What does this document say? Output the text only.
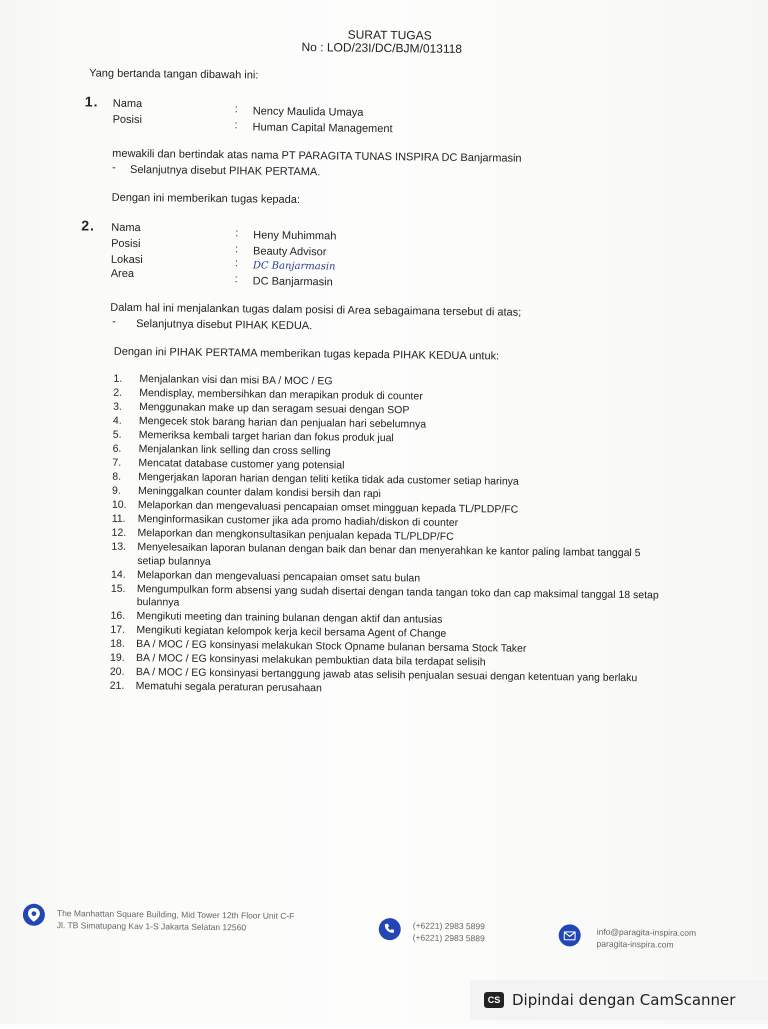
SURAT TUGAS
No : LOD/23I/DC/BJM/013118
Yang bertanda tangan dibawah ini:
1. Nama	: Nency Maulida Umaya
Posisi	: Human Capital Management
mewakili dan bertindak atas nama PT PARAGITA TUNAS INSPIRA DC Banjarmasin
- Selanjutnya disebut PIHAK PERTAMA.
Dengan ini memberikan tugas kepada:
2. Nama	: Heny Muhimmah
Posisi	: Beauty Advisor
Lokasi	: DC Banjarmasin
Area	: DC Banjarmasin
Dalam hal ini menjalankan tugas dalam posisi di Area sebagaimana tersebut di atas;
- Selanjutnya disebut PIHAK KEDUA.
Dengan ini PIHAK PERTAMA memberikan tugas kepada PIHAK KEDUA untuk:
1.	Menjalankan visi dan misi BA / MOC / EG
2.	Mendisplay, membersihkan dan merapikan produk di counter
3.	Menggunakan make up dan seragam sesuai dengan SOP
4.	Mengecek stok barang harian dan penjualan hari sebelumnya
5.	Memeriksa kembali target harian dan fokus produk jual
6.	Menjalankan link selling dan cross selling
7.	Mencatat database customer yang potensial
8.	Mengerjakan laporan harian dengan teliti ketika tidak ada customer setiap harinya
9.	Meninggalkan counter dalam kondisi bersih dan rapi
10.	Melaporkan dan mengevaluasi pencapaian omset mingguan kepada TL/PLDP/FC
11.	Menginformasikan customer jika ada promo hadiah/diskon di counter
12.	Melaporkan dan mengkonsultasikan penjualan kepada TL/PLDP/FC
13.	Menyelesaikan laporan bulanan dengan baik dan benar dan menyerahkan ke kantor paling lambat tanggal 5 setiap bulannya
14.	Melaporkan dan mengevaluasi pencapaian omset satu bulan
15.	Mengumpulkan form absensi yang sudah disertai dengan tanda tangan toko dan cap maksimal tanggal 18 setap bulannya
16.	Mengikuti meeting dan training bulanan dengan aktif dan antusias
17.	Mengikuti kegiatan kelompok kerja kecil bersama Agent of Change
18.	BA / MOC / EG konsinyasi melakukan Stock Opname bulanan bersama Stock Taker
19.	BA / MOC / EG konsinyasi melakukan pembuktian data bila terdapat selisih
20.	BA / MOC / EG konsinyasi bertanggung jawab atas selisih penjualan sesuai dengan ketentuan yang berlaku
21.	Mematuhi segala peraturan perusahaan
The Manhattan Square Building, Mid Tower 12th Floor Unit C-F
Jl. TB Simatupang Kav 1-S Jakarta Selatan 12560	(+6221) 2983 5899
(+6221) 2983 5889	info@paragita-inspira.com
paragita-inspira.com
CS Dipindai dengan CamScanner
